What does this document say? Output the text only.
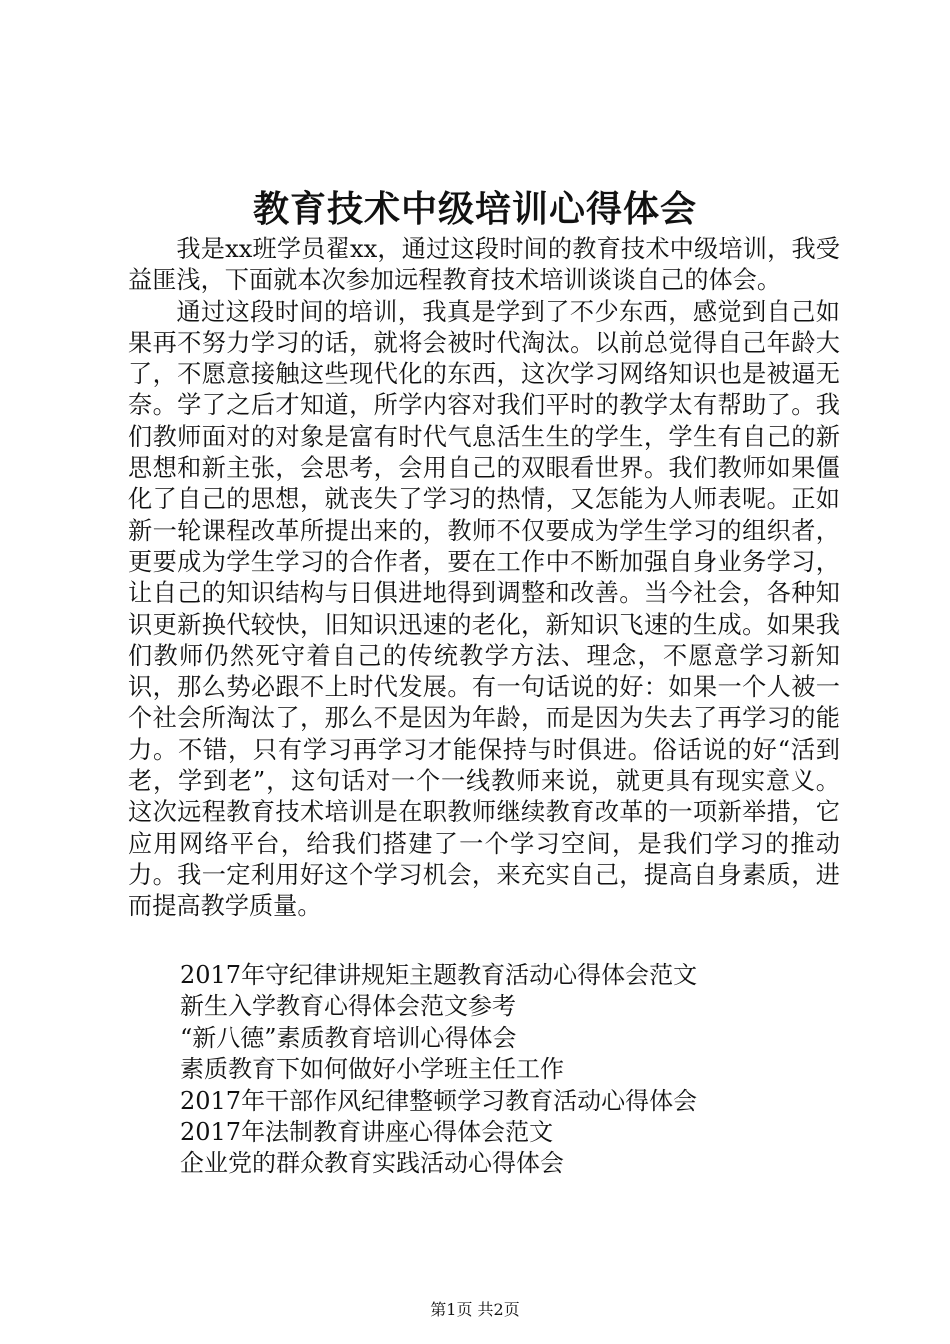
教育技术中级培训心得体会

我是xx班学员翟xx，通过这段时间的教育技术中级培训，我受益匪浅，下面就本次参加远程教育技术培训谈谈自己的体会。

通过这段时间的培训，我真是学到了不少东西，感觉到自己如果再不努力学习的话，就将会被时代淘汰。以前总觉得自己年龄大了，不愿意接触这些现代化的东西，这次学习网络知识也是被逼无奈。学了之后才知道，所学内容对我们平时的教学太有帮助了。我们教师面对的对象是富有时代气息活生生的学生，学生有自己的新思想和新主张，会思考，会用自己的双眼看世界。我们教师如果僵化了自己的思想，就丧失了学习的热情，又怎能为人师表呢。正如新一轮课程改革所提出来的，教师不仅要成为学生学习的组织者，更要成为学生学习的合作者，要在工作中不断加强自身业务学习，让自己的知识结构与日俱进地得到调整和改善。当今社会，各种知识更新换代较快，旧知识迅速的老化，新知识飞速的生成。如果我们教师仍然死守着自己的传统教学方法、理念，不愿意学习新知识，那么势必跟不上时代发展。有一句话说的好：如果一个人被一个社会所淘汰了，那么不是因为年龄，而是因为失去了再学习的能力。不错，只有学习再学习才能保持与时俱进。俗话说的好“活到老，学到老”，这句话对一个一线教师来说，就更具有现实意义。这次远程教育技术培训是在职教师继续教育改革的一项新举措，它应用网络平台，给我们搭建了一个学习空间，是我们学习的推动力。我一定利用好这个学习机会，来充实自己，提高自身素质，进而提高教学质量。

2017年守纪律讲规矩主题教育活动心得体会范文
新生入学教育心得体会范文参考
“新八德”素质教育培训心得体会
素质教育下如何做好小学班主任工作
2017年干部作风纪律整顿学习教育活动心得体会
2017年法制教育讲座心得体会范文
企业党的群众教育实践活动心得体会
第1页 共2页
